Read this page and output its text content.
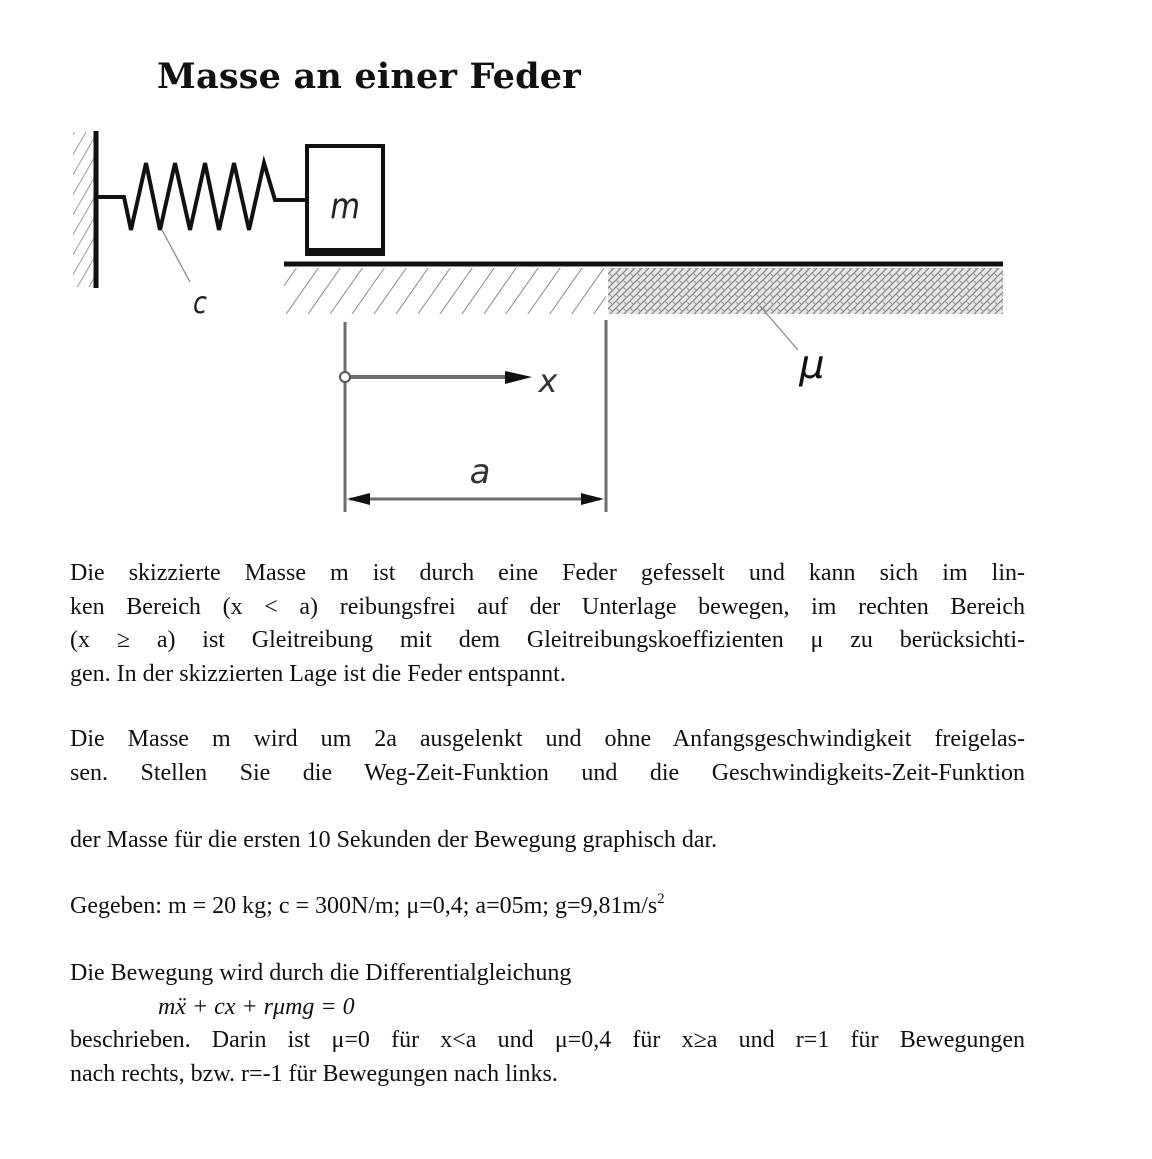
Masse an einer Feder
c
m
μ
x
a
Die skizzierte Masse m ist durch eine Feder gefesselt und kann sich im lin-
ken Bereich (x < a) reibungsfrei auf der Unterlage bewegen, im rechten Bereich
(x ≥ a) ist Gleitreibung mit dem Gleitreibungskoeffizienten μ zu berücksichti-
gen. In der skizzierten Lage ist die Feder entspannt.
Die Masse m wird um 2a ausgelenkt und ohne Anfangsgeschwindigkeit freigelas-
sen. Stellen Sie die Weg-Zeit-Funktion und die Geschwindigkeits-Zeit-Funktion
der Masse für die ersten 10 Sekunden der Bewegung graphisch dar.
Gegeben: m = 20 kg; c = 300N/m; μ=0,4; a=05m; $g=9,81m/s^2$
Die Bewegung wird durch die Differentialgleichung
mẍ + cx + rμmg = 0
beschrieben. Darin ist μ=0 für x<a und μ=0,4 für x≥a und r=1 für Bewegungen
nach rechts, bzw. r=-1 für Bewegungen nach links.
